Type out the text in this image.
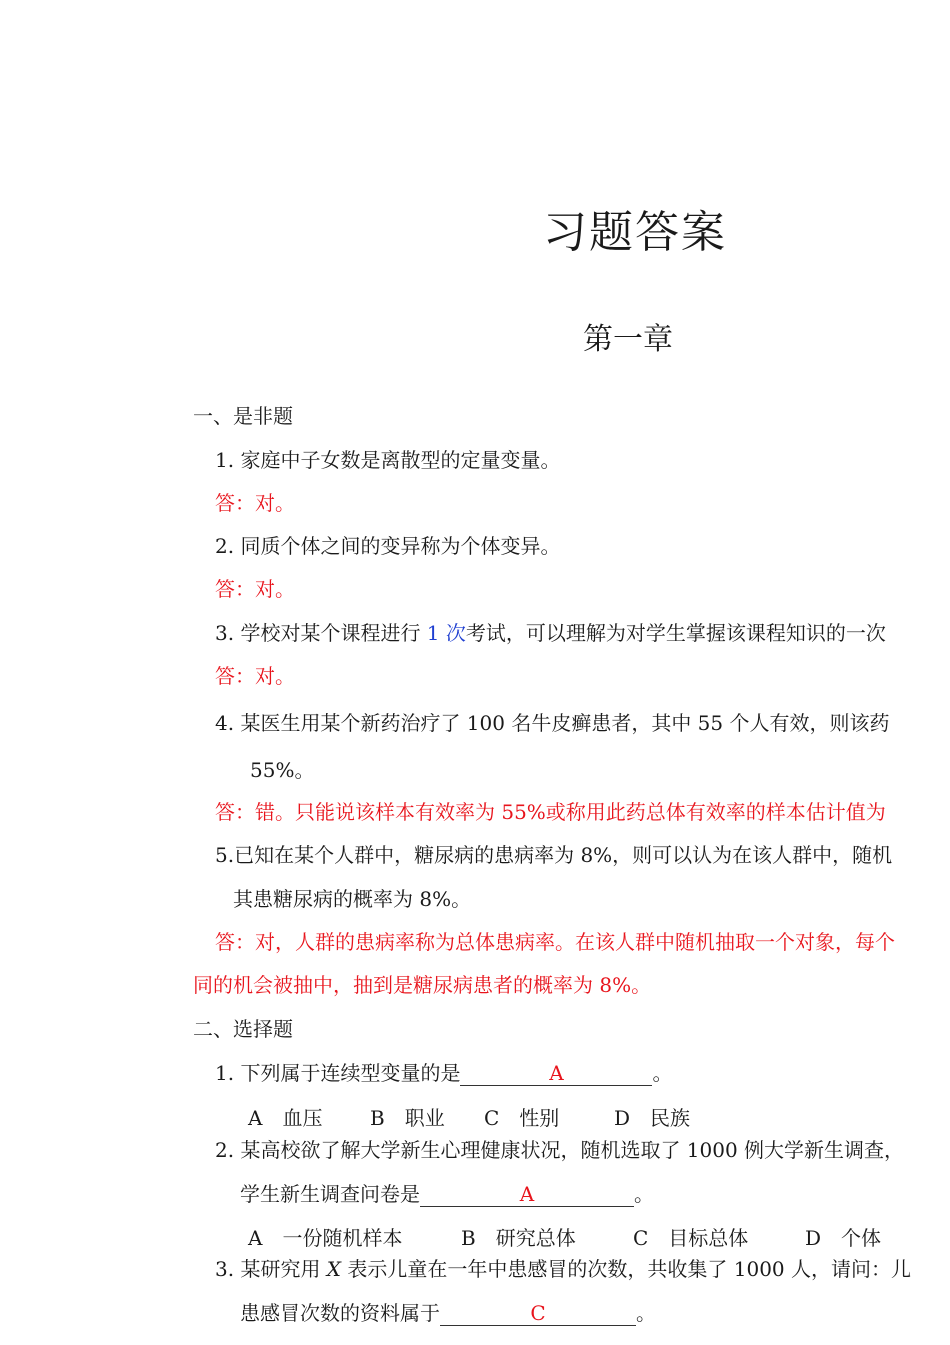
习题答案
第一章
一、是非题
1. 家庭中子女数是离散型的定量变量。
答：对。
2. 同质个体之间的变异称为个体变异。
答：对。
3. 学校对某个课程进行 1 次考试，可以理解为对学生掌握该课程知识的一次
答：对。
4. 某医生用某个新药治疗了 100 名牛皮癣患者，其中 55 个人有效，则该药
55%。
答：错。只能说该样本有效率为 55%或称用此药总体有效率的样本估计值为
5.已知在某个人群中，糖尿病的患病率为 8%，则可以认为在该人群中，随机
其患糖尿病的概率为 8%。
答：对，人群的患病率称为总体患病率。在该人群中随机抽取一个对象，每个
同的机会被抽中，抽到是糖尿病患者的概率为 8%。
二、选择题
1. 下列属于连续型变量的是	A	。
A　血压 B　职业 C　性别	D　民族
2. 某高校欲了解大学新生心理健康状况，随机选取了 1000 例大学新生调查，
学生新生调查问卷是	A	。
A　一份随机样本	B　研究总体	C　目标总体	D　个体
3. 某研究用 X 表示儿童在一年中患感冒的次数，共收集了 1000 人，请问：儿
患感冒次数的资料属于	C	。
